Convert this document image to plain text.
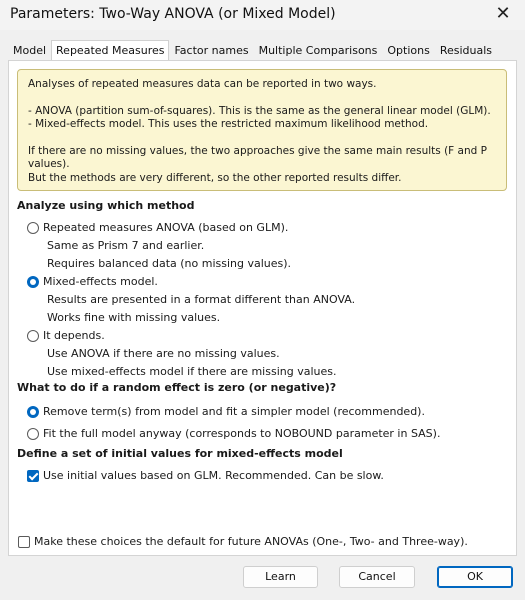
Parameters: Two-Way ANOVA (or Mixed Model)	✕
Model Repeated Measures Factor names Multiple Comparisons Options Residuals

Analyses of repeated measures data can be reported in two ways.

- ANOVA (partition sum-of-squares). This is the same as the general linear model (GLM).

- Mixed-effects model. This uses the restricted maximum likelihood method.

If there are no missing values, the two approaches give the same main results (F and P values).

But the methods are very different, so the other reported results differ.

Analyze using which method
Repeated measures ANOVA (based on GLM).
Same as Prism 7 and earlier.
Requires balanced data (no missing values).
Mixed-effects model.
Results are presented in a format different than ANOVA.
Works fine with missing values.
It depends.
Use ANOVA if there are no missing values.
Use mixed-effects model if there are missing values.
What to do if a random effect is zero (or negative)?
Remove term(s) from model and fit a simpler model (recommended).
Fit the full model anyway (corresponds to NOBOUND parameter in SAS).
Define a set of initial values for mixed-effects model
Use initial values based on GLM. Recommended. Can be slow.
Make these choices the default for future ANOVAs (One-, Two- and Three-way).
Learn	Cancel	OK
